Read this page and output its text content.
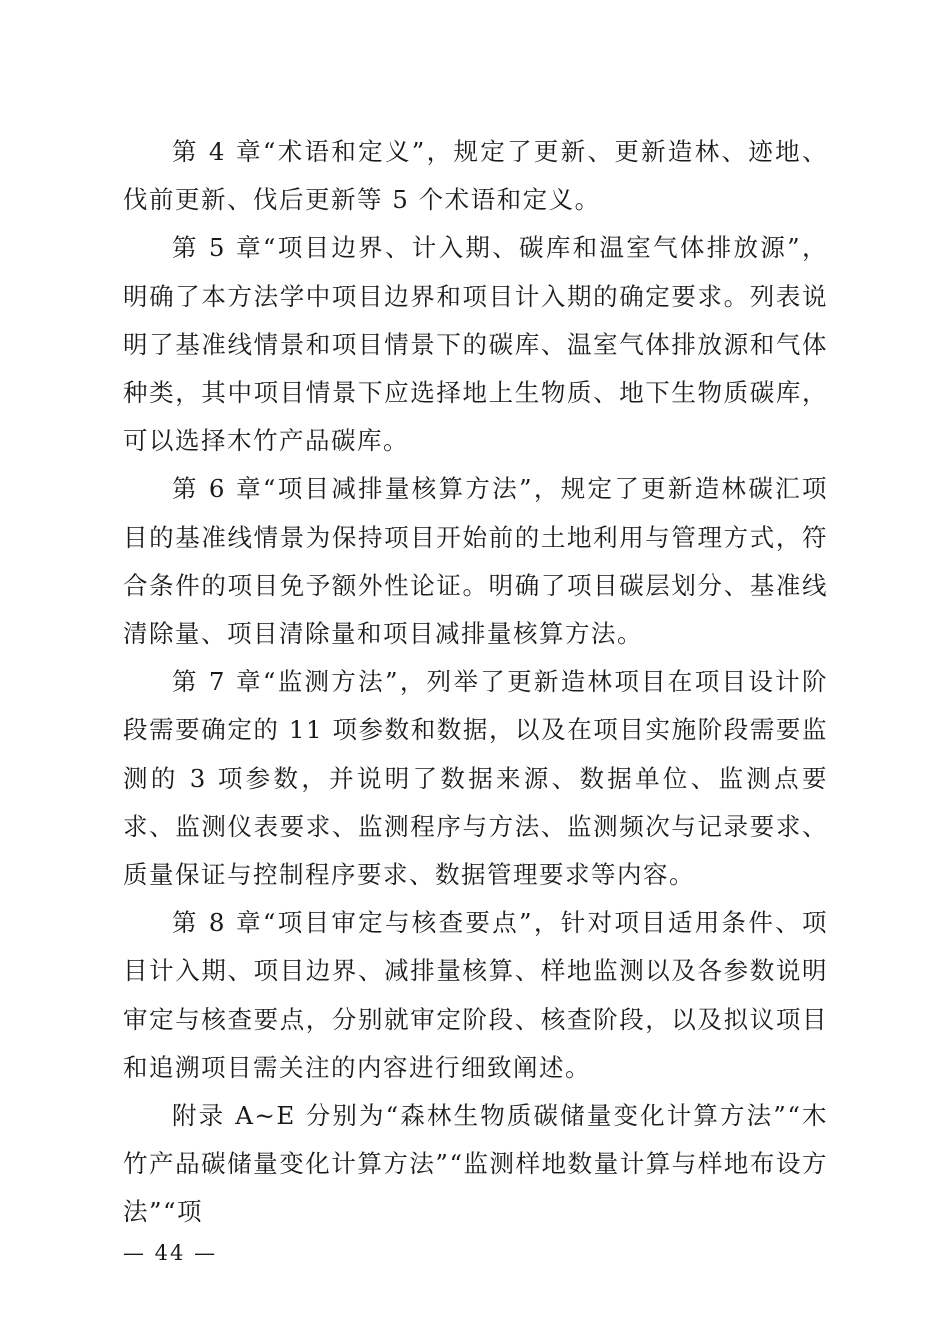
第 4 章“术语和定义”，规定了更新、更新造林、迹地、伐前更新、伐后更新等 5 个术语和定义。

第 5 章“项目边界、计入期、碳库和温室气体排放源”，明确了本方法学中项目边界和项目计入期的确定要求。列表说明了基准线情景和项目情景下的碳库、温室气体排放源和气体种类，其中项目情景下应选择地上生物质、地下生物质碳库，可以选择木竹产品碳库。

第 6 章“项目减排量核算方法”，规定了更新造林碳汇项目的基准线情景为保持项目开始前的土地利用与管理方式，符合条件的项目免予额外性论证。明确了项目碳层划分、基准线清除量、项目清除量和项目减排量核算方法。

第 7 章“监测方法”，列举了更新造林项目在项目设计阶段需要确定的 11 项参数和数据，以及在项目实施阶段需要监测的 3 项参数，并说明了数据来源、数据单位、监测点要求、监测仪表要求、监测程序与方法、监测频次与记录要求、质量保证与控制程序要求、数据管理要求等内容。

第 8 章“项目审定与核查要点”，针对项目适用条件、项目计入期、项目边界、减排量核算、样地监测以及各参数说明审定与核查要点，分别就审定阶段、核查阶段，以及拟议项目和追溯项目需关注的内容进行细致阐述。

附录 A~E 分别为“森林生物质碳储量变化计算方法”“木竹产品碳储量变化计算方法”“监测样地数量计算与样地布设方法”“项

— 44 —
